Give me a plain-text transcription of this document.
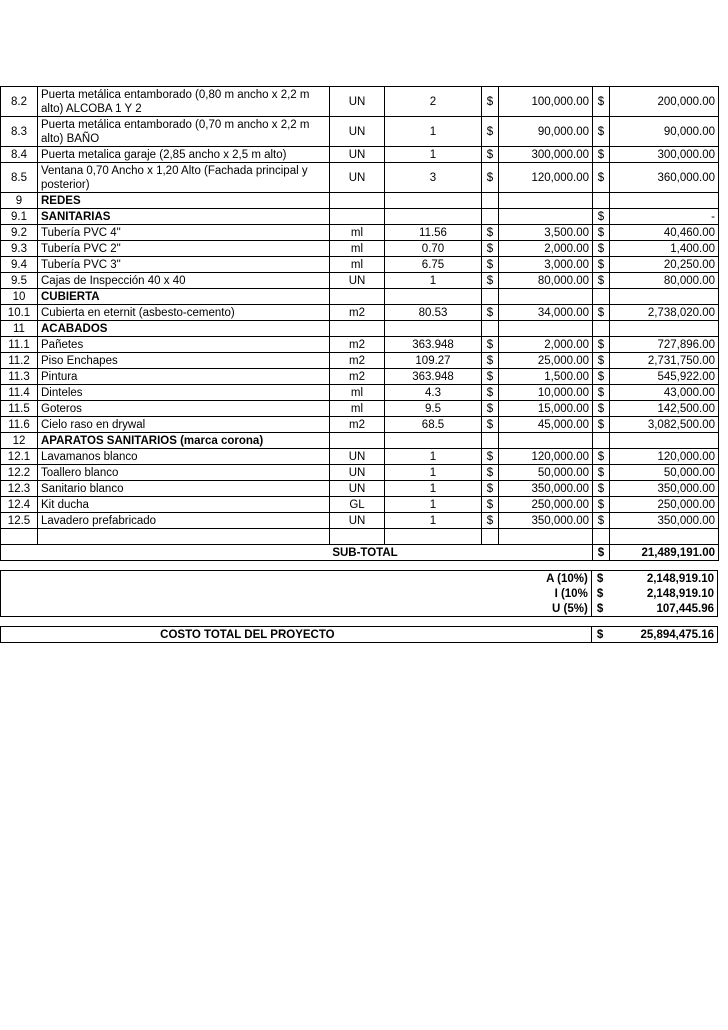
8.2	Puerta metálica entamborado (0,80 m ancho x 2,2 m alto) ALCOBA 1 Y 2	UN	2	$	100,000.00	$	200,000.00
8.3	Puerta metálica entamborado (0,70 m ancho x 2,2 m alto) BAÑO	UN	1	$	90,000.00	$	90,000.00
8.4	Puerta metalica garaje (2,85 ancho x 2,5 m alto)	UN	1	$	300,000.00	$	300,000.00
8.5	Ventana 0,70 Ancho x 1,20 Alto (Fachada principal y posterior)	UN	3	$	120,000.00	$	360,000.00
9	REDES						
9.1	SANITARIAS					$	-
9.2	Tubería PVC 4"	ml	11.56	$	3,500.00	$	40,460.00
9.3	Tubería PVC 2"	ml	0.70	$	2,000.00	$	1,400.00
9.4	Tubería PVC 3"	ml	6.75	$	3,000.00	$	20,250.00
9.5	Cajas de Inspección 40 x 40	UN	1	$	80,000.00	$	80,000.00
10	CUBIERTA						
10.1	Cubierta en eternit (asbesto-cemento)	m2	80.53	$	34,000.00	$	2,738,020.00
11	ACABADOS						
11.1	Pañetes	m2	363.948	$	2,000.00	$	727,896.00
11.2	Piso Enchapes	m2	109.27	$	25,000.00	$	2,731,750.00
11.3	Pintura	m2	363.948	$	1,500.00	$	545,922.00
11.4	Dinteles	ml	4.3	$	10,000.00	$	43,000.00
11.5	Goteros	ml	9.5	$	15,000.00	$	142,500.00
11.6	Cielo raso en drywal	m2	68.5	$	45,000.00	$	3,082,500.00
12	APARATOS SANITARIOS (marca corona)						
12.1	Lavamanos blanco	UN	1	$	120,000.00	$	120,000.00
12.2	Toallero blanco	UN	1	$	50,000.00	$	50,000.00
12.3	Sanitario blanco	UN	1	$	350,000.00	$	350,000.00
12.4	Kit ducha	GL	1	$	250,000.00	$	250,000.00
12.5	Lavadero prefabricado	UN	1	$	350,000.00	$	350,000.00

SUB-TOTAL						$	21,489,191.00
	A (10%)	$	2,148,919.10
	I (10%	$	2,148,919.10
	U (5%)	$	107,445.96
COSTO TOTAL DEL PROYECTO	$	25,894,475.16
